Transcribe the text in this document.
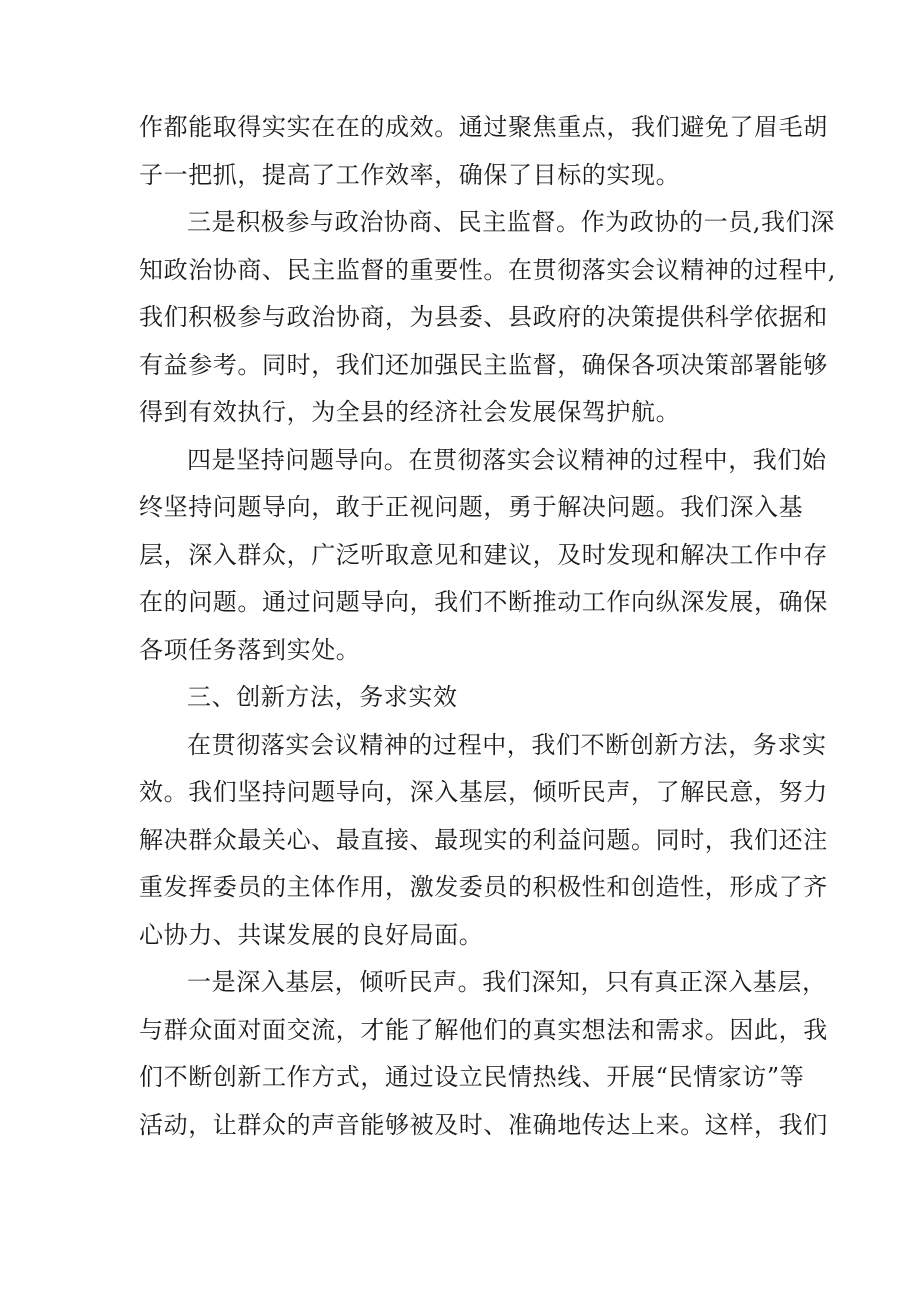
作都能取得实实在在的成效。通过聚焦重点，我们避免了眉毛胡
子一把抓，提高了工作效率，确保了目标的实现。
三是积极参与政治协商、民主监督。作为政协的一员,我们深
知政治协商、民主监督的重要性。在贯彻落实会议精神的过程中,
我们积极参与政治协商，为县委、县政府的决策提供科学依据和
有益参考。同时，我们还加强民主监督，确保各项决策部署能够
得到有效执行，为全县的经济社会发展保驾护航。
四是坚持问题导向。在贯彻落实会议精神的过程中，我们始
终坚持问题导向，敢于正视问题，勇于解决问题。我们深入基
层，深入群众，广泛听取意见和建议，及时发现和解决工作中存
在的问题。通过问题导向，我们不断推动工作向纵深发展，确保
各项任务落到实处。
三、创新方法，务求实效
在贯彻落实会议精神的过程中，我们不断创新方法，务求实
效。我们坚持问题导向，深入基层，倾听民声，了解民意，努力
解决群众最关心、最直接、最现实的利益问题。同时，我们还注
重发挥委员的主体作用，激发委员的积极性和创造性，形成了齐
心协力、共谋发展的良好局面。
一是深入基层，倾听民声。我们深知，只有真正深入基层，
与群众面对面交流，才能了解他们的真实想法和需求。因此，我
们不断创新工作方式，通过设立民情热线、开展“民情家访”等
活动，让群众的声音能够被及时、准确地传达上来。这样，我们
